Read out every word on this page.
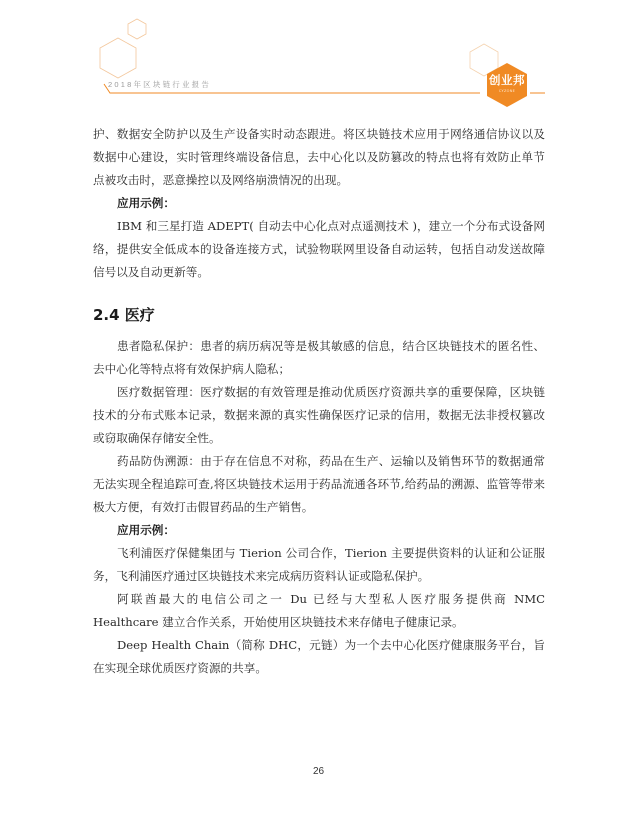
2018年区块链行业报告	创业邦
CYZONE

护、数据安全防护以及生产设备实时动态跟进。将区块链技术应用于网络通信协议以及数据中心建设，实时管理终端设备信息，去中心化以及防篡改的特点也将有效防止单节点被攻击时，恶意操控以及网络崩溃情况的出现。

应用示例：

IBM 和三星打造 ADEPT( 自动去中心化点对点遥测技术 )，建立一个分布式设备网络，提供安全低成本的设备连接方式，试验物联网里设备自动运转，包括自动发送故障信号以及自动更新等。

2.4 医疗

患者隐私保护：患者的病历病况等是极其敏感的信息，结合区块链技术的匿名性、去中心化等特点将有效保护病人隐私；

医疗数据管理：医疗数据的有效管理是推动优质医疗资源共享的重要保障，区块链技术的分布式账本记录，数据来源的真实性确保医疗记录的信用，数据无法非授权篡改或窃取确保存储安全性。

药品防伪溯源：由于存在信息不对称，药品在生产、运输以及销售环节的数据通常无法实现全程追踪可查,将区块链技术运用于药品流通各环节,给药品的溯源、监管等带来极大方便，有效打击假冒药品的生产销售。

应用示例：

飞利浦医疗保健集团与 Tierion 公司合作，Tierion 主要提供资料的认证和公证服务，飞利浦医疗通过区块链技术来完成病历资料认证或隐私保护。

阿联酋最大的电信公司之一 Du 已经与大型私人医疗服务提供商 NMC Healthcare 建立合作关系，开始使用区块链技术来存储电子健康记录。

Deep Health Chain（简称 DHC，元链）为一个去中心化医疗健康服务平台，旨在实现全球优质医疗资源的共享。

26
